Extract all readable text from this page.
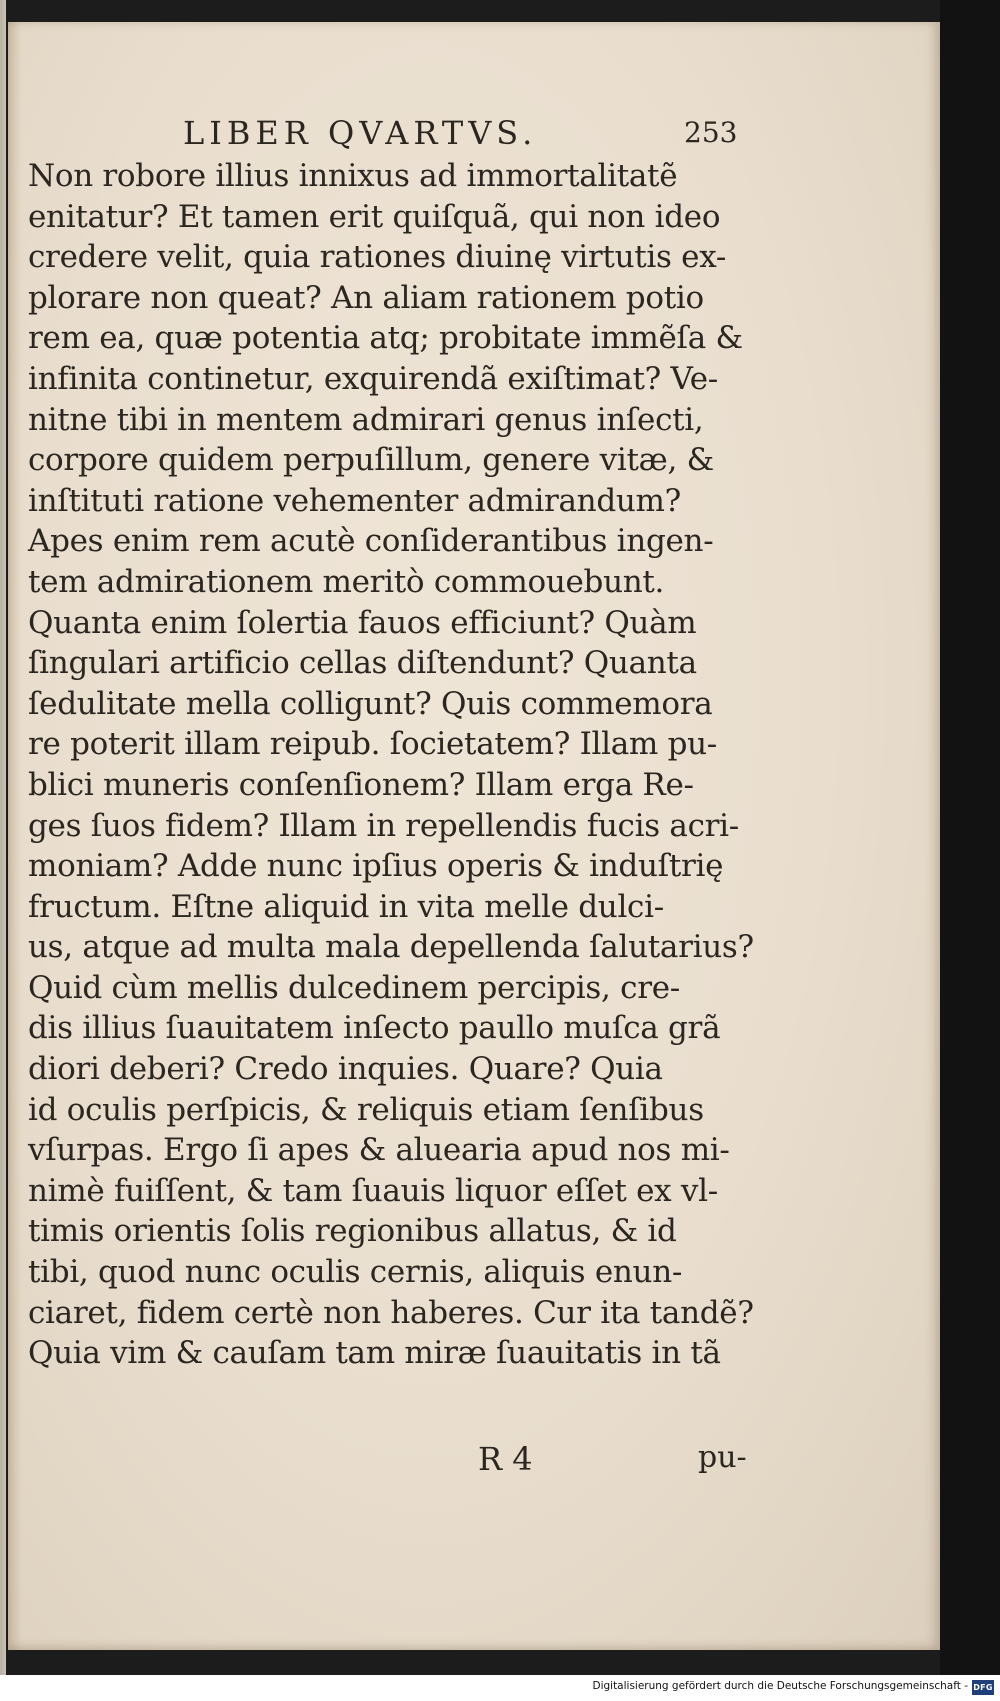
LIBER QVARTVS.	253
Non robore illius innixus ad immortalitatẽ
enitatur? Et tamen erit quiſquã, qui non ideo
credere velit, quia rationes diuinę virtutis ex-
plorare non queat? An aliam rationem potio
rem ea, quæ potentia atq; probitate immẽſa &
infinita continetur, exquirendã exiſtimat? Ve-
nitne tibi in mentem admirari genus inſecti,
corpore quidem perpuſillum, genere vitæ, &
inſtituti ratione vehementer admirandum?
Apes enim rem acutè conſiderantibus ingen-
tem admirationem meritò commouebunt.
Quanta enim ſolertia fauos efficiunt? Quàm
ſingulari artificio cellas diſtendunt? Quanta
ſedulitate mella colligunt? Quis commemora
re poterit illam reipub. ſocietatem? Illam pu-
blici muneris conſenſionem? Illam erga Re-
ges ſuos fidem? Illam in repellendis fucis acri-
moniam? Adde nunc ipſius operis & induſtrię
fructum. Eſtne aliquid in vita melle dulci-
us, atque ad multa mala depellenda ſalutarius?
Quid cùm mellis dulcedinem percipis, cre-
dis illius ſuauitatem inſecto paullo muſca grã
diori deberi? Credo inquies. Quare? Quia
id oculis perſpicis, & reliquis etiam ſenſibus
vſurpas. Ergo ſi apes & aluearia apud nos mi-
nimè fuiſſent, & tam ſuauis liquor eſſet ex vl-
timis orientis ſolis regionibus allatus, & id
tibi, quod nunc oculis cernis, aliquis enun-
ciaret, fidem certè non haberes. Cur ita tandẽ?
Quia vim & cauſam tam miræ ſuauitatis in tã
R 4	pu-
Digitalisierung gefördert durch die Deutsche Forschungsgemeinschaft - DFG
